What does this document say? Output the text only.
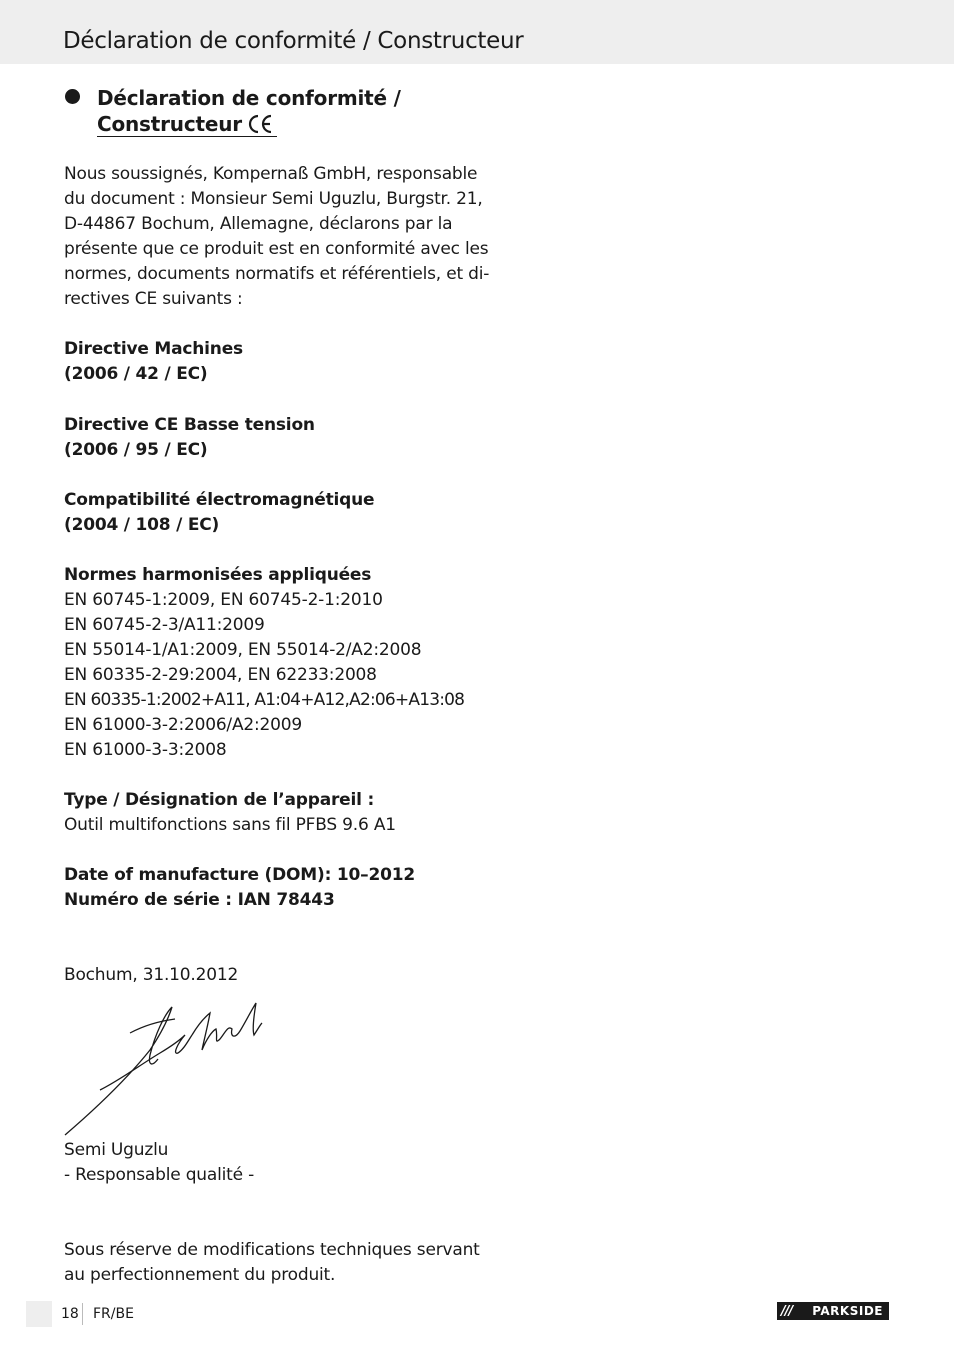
Déclaration de conformité / Constructeur
Déclaration de conformité /
Constructeur
Nous soussignés, Kompernaß GmbH, responsable
du document : Monsieur Semi Uguzlu, Burgstr. 21,
D-44867 Bochum, Allemagne, déclarons par la
présente que ce produit est en conformité avec les
normes, documents normatifs et référentiels, et di-
rectives CE suivants :
Directive Machines
(2006 / 42 / EC)
Directive CE Basse tension
(2006 / 95 / EC)
Compatibilité électromagnétique
(2004 / 108 / EC)
Normes harmonisées appliquées
EN 60745-1:2009, EN 60745-2-1:2010
EN 60745-2-3/A11:2009
EN 55014-1/A1:2009, EN 55014-2/A2:2008
EN 60335-2-29:2004, EN 62233:2008
EN 60335-1:2002+A11, A1:04+A12,A2:06+A13:08
EN 61000-3-2:2006/A2:2009
EN 61000-3-3:2008
Type / Désignation de l’appareil :
Outil multifonctions sans fil PFBS 9.6 A1
Date of manufacture (DOM): 10–2012
Numéro de série : IAN 78443
Bochum, 31.10.2012
Semi Uguzlu
- Responsable qualité -
Sous réserve de modifications techniques servant
au perfectionnement du produit.
18 FR/BE	/// PARKSIDE
